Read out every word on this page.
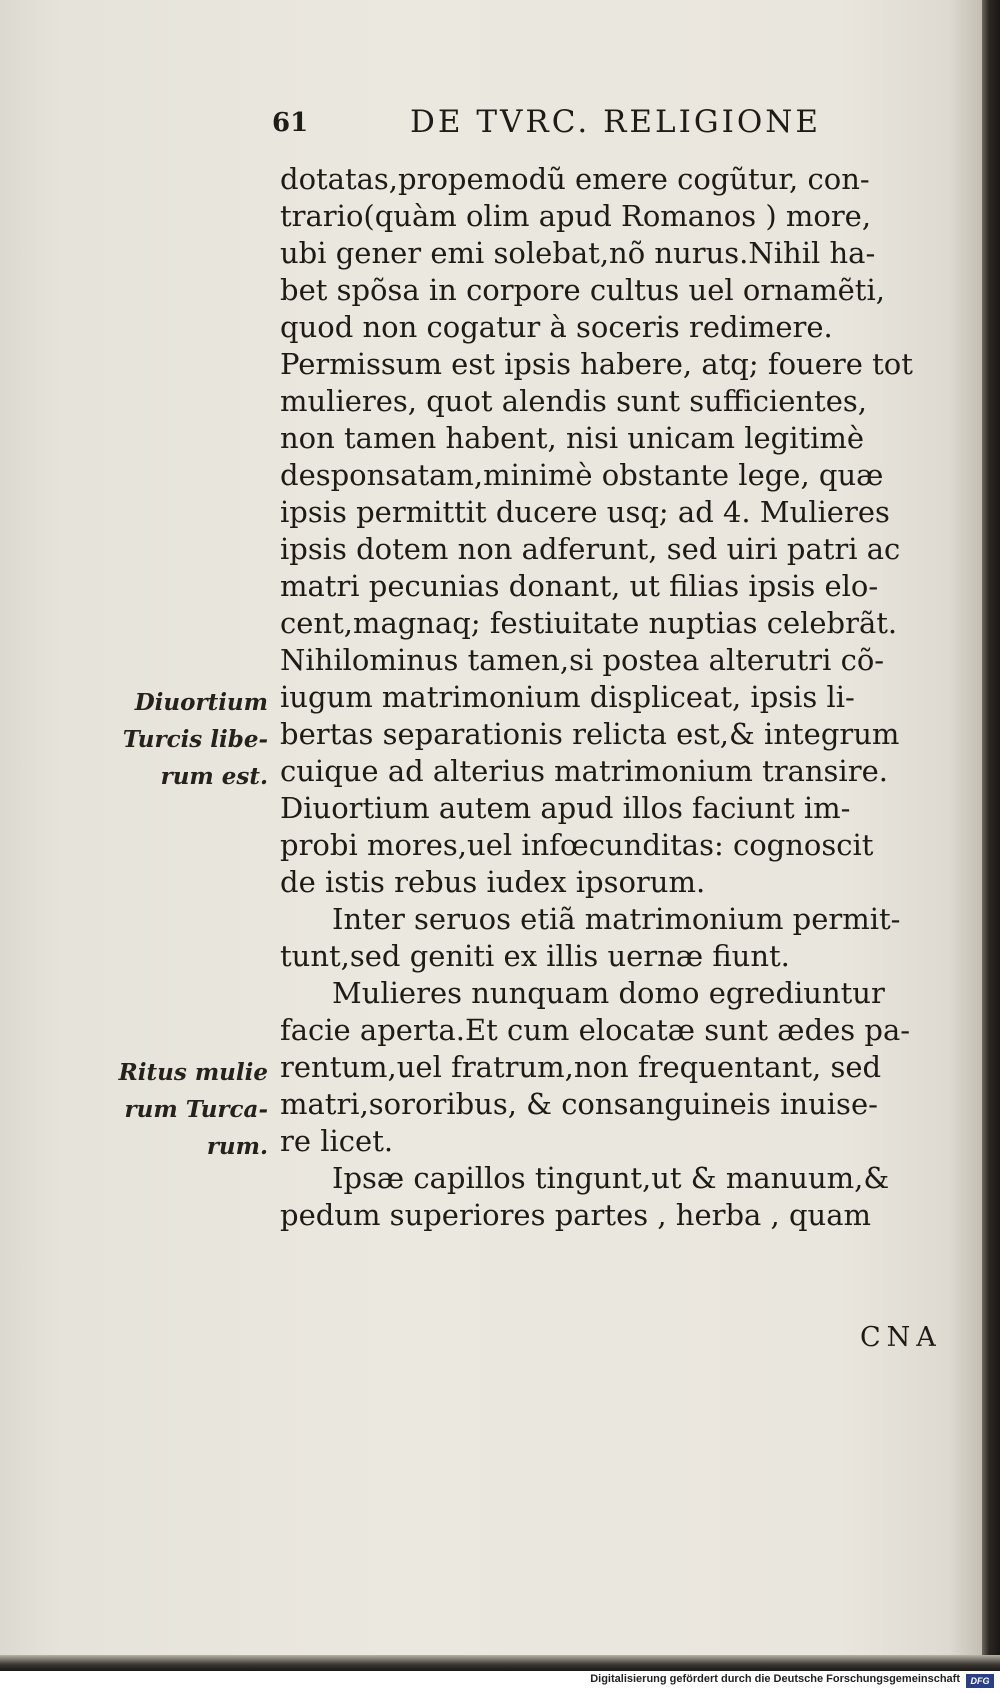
61	DE TVRC. RELIGIONE
dotatas,propemodũ emere cogũtur, con-
trario(quàm olim apud Romanos ) more,
ubi gener emi solebat,nõ nurus.Nihil ha-
bet spõsa in corpore cultus uel ornamẽti,
quod non cogatur à soceris redimere.
Permissum est ipsis habere, atq; fouere tot
mulieres, quot alendis sunt sufficientes,
non tamen habent, nisi unicam legitimè
desponsatam,minimè obstante lege, quæ
ipsis permittit ducere usq; ad 4. Mulieres
ipsis dotem non adferunt, sed uiri patri ac
matri pecunias donant, ut filias ipsis elo-
cent,magnaq; festiuitate nuptias celebrãt.
Nihilominus tamen,si postea alterutri cõ-
iugum matrimonium displiceat, ipsis li-
bertas separationis relicta est,& integrum
cuique ad alterius matrimonium transire.
Diuortium autem apud illos faciunt im-
probi mores,uel infœcunditas: cognoscit
de istis rebus iudex ipsorum.
Inter seruos etiã matrimonium permit-
tunt,sed geniti ex illis uernæ fiunt.
Mulieres nunquam domo egrediuntur
facie aperta.Et cum elocatæ sunt ædes pa-
rentum,uel fratrum,non frequentant, sed
matri,sororibus, & consanguineis inuise-
re licet.
Ipsæ capillos tingunt,ut & manuum,&
pedum superiores partes , herba , quam
Diuortium
Turcis libe-
rum est.
Ritus mulie
rum Turca-
rum.
CNA
Digitalisierung gefördert durch die Deutsche Forschungsgemeinschaft	DFG
